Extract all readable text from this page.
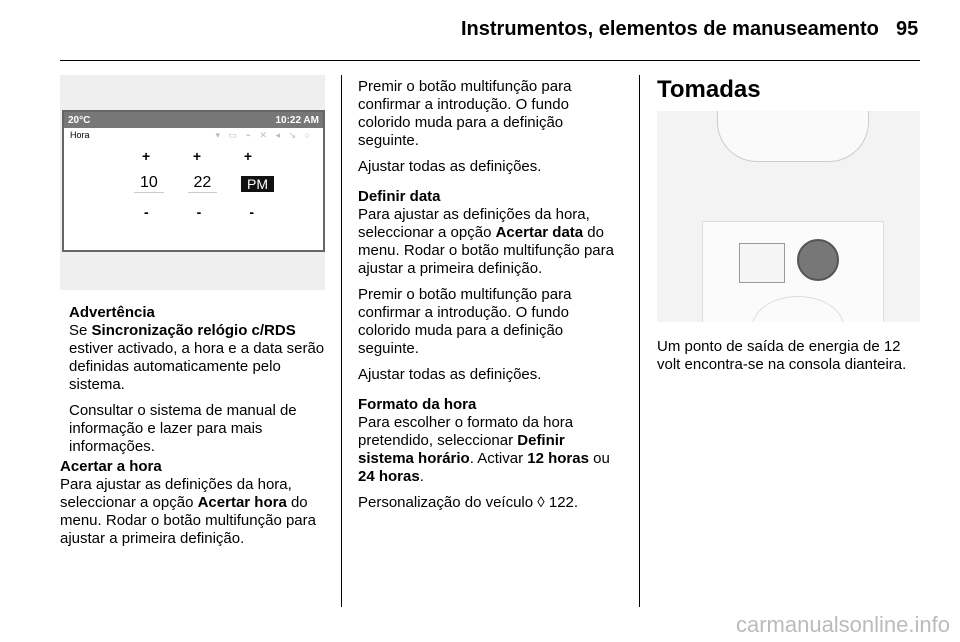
Instrumentos, elementos de manuseamento 95
20°C	10:22 AM
Hora	▾ ▭ ⌁ ✕ ◂ ↘ ○
+	+	+
10	22	PM
-	-	-
Advertência

Se Sincronização relógio c/RDS estiver activado, a hora e a data serão definidas automaticamente pelo sistema.

Consultar o sistema de manual de informação e lazer para mais informações.

Acertar a hora

Para ajustar as definições da hora, seleccionar a opção Acertar hora do menu. Rodar o botão multifunção para ajustar a primeira definição.

Premir o botão multifunção para confirmar a introdução. O fundo colorido muda para a definição seguinte.

Ajustar todas as definições.

Definir data

Para ajustar as definições da hora, seleccionar a opção Acertar data do menu. Rodar o botão multifunção para ajustar a primeira definição.

Premir o botão multifunção para confirmar a introdução. O fundo colorido muda para a definição seguinte.

Ajustar todas as definições.

Formato da hora

Para escolher o formato da hora pretendido, seleccionar Definir sistema horário. Activar 12 horas ou 24 horas.

Personalização do veículo ◊ 122.

Tomadas

Um ponto de saída de energia de 12 volt encontra-se na consola dianteira.

carmanualsonline.info
